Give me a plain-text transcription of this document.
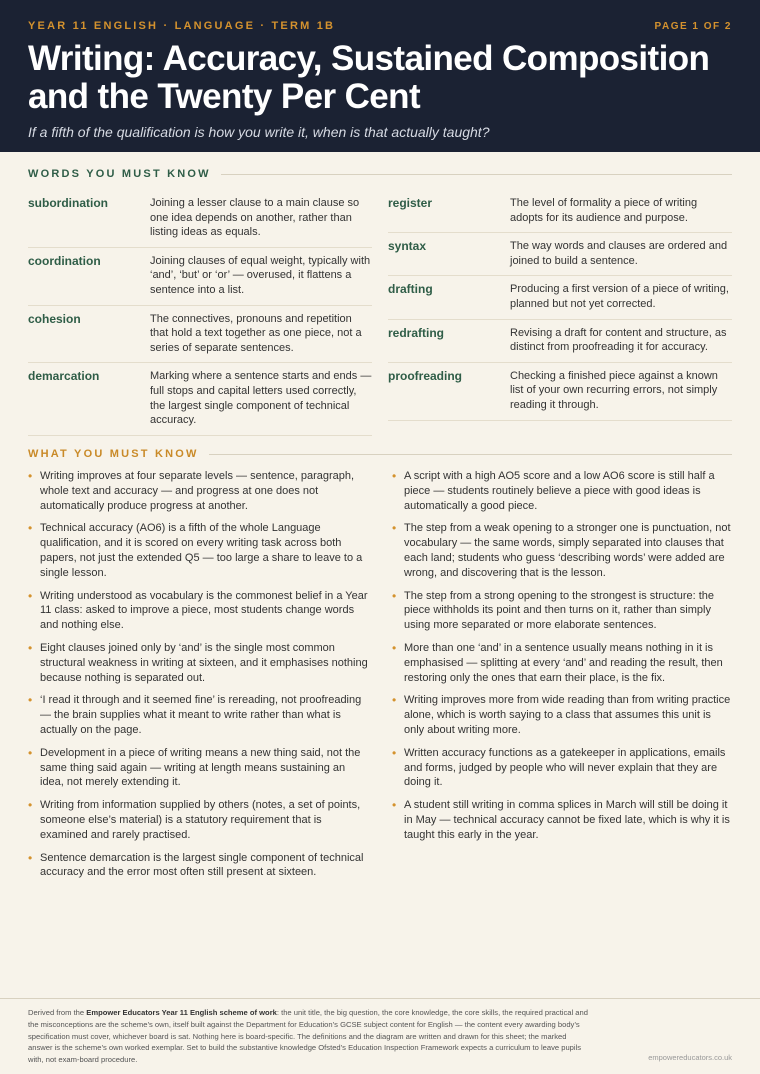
YEAR 11 ENGLISH · LANGUAGE · TERM 1B	PAGE 1 OF 2
Writing: Accuracy, Sustained Composition and the Twenty Per Cent
If a fifth of the qualification is how you write it, when is that actually taught?
WORDS YOU MUST KNOW
subordination	Joining a lesser clause to a main clause so one idea depends on another, rather than listing ideas as equals.
coordination	Joining clauses of equal weight, typically with ‘and’, ‘but’ or ‘or’ — overused, it flattens a sentence into a list.
cohesion	The connectives, pronouns and repetition that hold a text together as one piece, not a series of separate sentences.
demarcation	Marking where a sentence starts and ends — full stops and capital letters used correctly, the largest single component of technical accuracy.
register	The level of formality a piece of writing adopts for its audience and purpose.
syntax	The way words and clauses are ordered and joined to build a sentence.
drafting	Producing a first version of a piece of writing, planned but not yet corrected.
redrafting	Revising a draft for content and structure, as distinct from proofreading it for accuracy.
proofreading	Checking a finished piece against a known list of your own recurring errors, not simply reading it through.
WHAT YOU MUST KNOW
• Writing improves at four separate levels — sentence, paragraph, whole text and accuracy — and progress at one does not automatically produce progress at another.
• Technical accuracy (AO6) is a fifth of the whole Language qualification, and it is scored on every writing task across both papers, not just the extended Q5 — too large a share to leave to a single lesson.
• Writing understood as vocabulary is the commonest belief in a Year 11 class: asked to improve a piece, most students change words and nothing else.
• Eight clauses joined only by ‘and’ is the single most common structural weakness in writing at sixteen, and it emphasises nothing because nothing is separated out.
• ‘I read it through and it seemed fine’ is rereading, not proofreading — the brain supplies what it meant to write rather than what is actually on the page.
• Development in a piece of writing means a new thing said, not the same thing said again — writing at length means sustaining an idea, not merely extending it.
• Writing from information supplied by others (notes, a set of points, someone else’s material) is a statutory requirement that is examined and rarely practised.
• Sentence demarcation is the largest single component of technical accuracy and the error most often still present at sixteen.
• A script with a high AO5 score and a low AO6 score is still half a piece — students routinely believe a piece with good ideas is automatically a good piece.
• The step from a weak opening to a stronger one is punctuation, not vocabulary — the same words, simply separated into clauses that each land; students who guess ‘describing words’ were added are wrong, and discovering that is the lesson.
• The step from a strong opening to the strongest is structure: the piece withholds its point and then turns on it, rather than simply using more separated or more elaborate sentences.
• More than one ‘and’ in a sentence usually means nothing in it is emphasised — splitting at every ‘and’ and reading the result, then restoring only the ones that earn their place, is the fix.
• Writing improves more from wide reading than from writing practice alone, which is worth saying to a class that assumes this unit is only about writing more.
• Written accuracy functions as a gatekeeper in applications, emails and forms, judged by people who will never explain that they are doing it.
• A student still writing in comma splices in March will still be doing it in May — technical accuracy cannot be fixed late, which is why it is taught this early in the year.
Derived from the Empower Educators Year 11 English scheme of work: the unit title, the big question, the core knowledge, the core skills, the required practical and the misconceptions are the scheme’s own, itself built against the Department for Education’s GCSE subject content for English — the content every awarding body’s specification must cover, whichever board is sat. Nothing here is board-specific. The definitions and the diagram are written and drawn for this sheet; the marked answer is the scheme’s own worked exemplar. Set to build the substantive knowledge Ofsted’s Education Inspection Framework expects a curriculum to leave pupils with, not exam-board procedure.	empowereducators.co.uk
